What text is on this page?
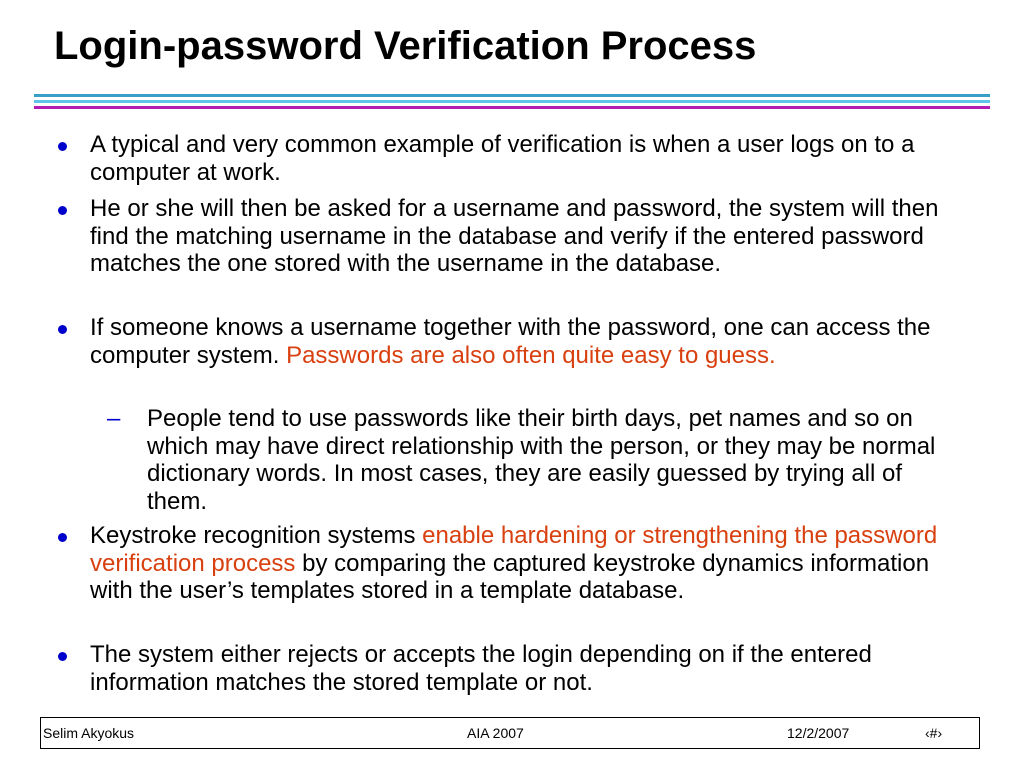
Login-password Verification Process
A typical and very common example of verification is when a user logs on to a computer at work.
He or she will then be asked for a username and password, the system will then find the matching username in the database and verify if the entered password matches the one stored with the username in the database.
If someone knows a username together with the password, one can access the computer system. Passwords are also often quite easy to guess.
– People tend to use passwords like their birth days, pet names and so on which may have direct relationship with the person, or they may be normal dictionary words. In most cases, they are easily guessed by trying all of them.
Keystroke recognition systems enable hardening or strengthening the password verification process by comparing the captured keystroke dynamics information with the user’s templates stored in a template database.
The system either rejects or accepts the login depending on if the entered information matches the stored template or not.
Selim Akyokus	AIA 2007	12/2/2007	‹#›
